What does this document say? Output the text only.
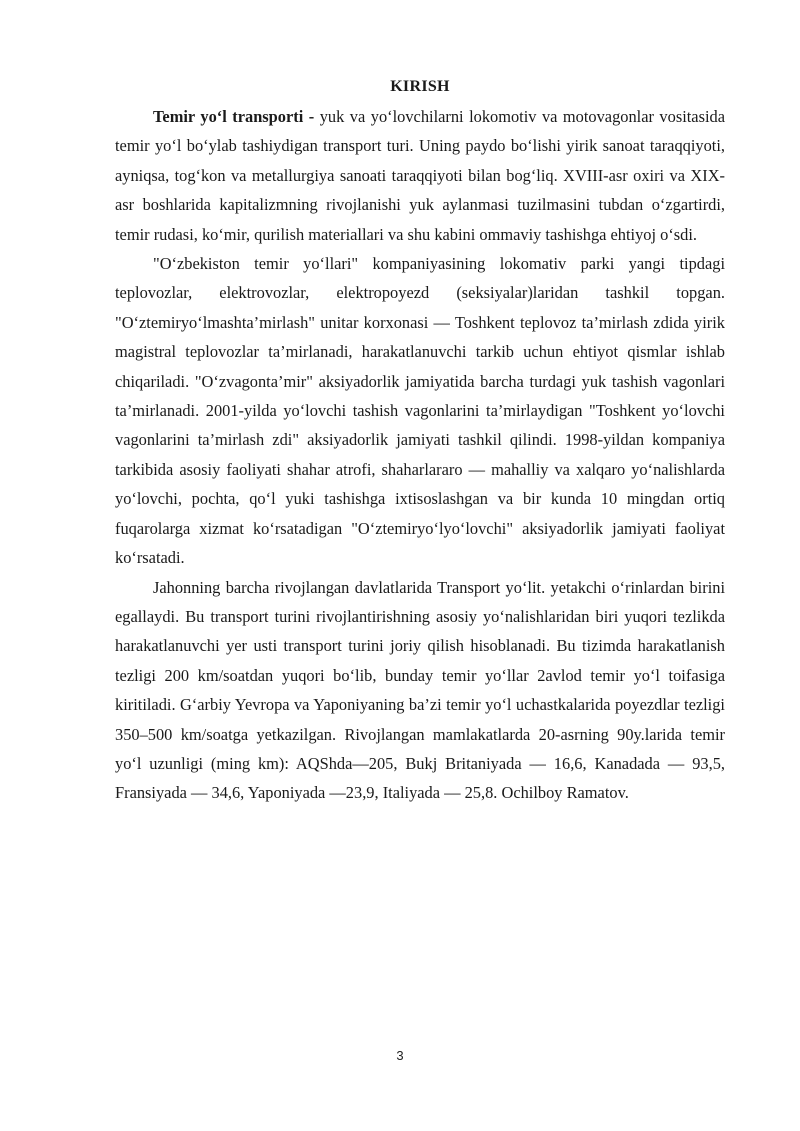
KIRISH

Temir yo‘l transporti - yuk va yo‘lovchilarni lokomotiv va motovagonlar vositasida temir yo‘l bo‘ylab tashiydigan transport turi. Uning paydo bo‘lishi yirik sanoat taraqqiyoti, ayniqsa, tog‘kon va metallurgiya sanoati taraqqiyoti bilan bog‘liq. XVIII-asr oxiri va XIX-asr boshlarida kapitalizmning rivojlanishi yuk aylanmasi tuzilmasini tubdan o‘zgartirdi, temir rudasi, ko‘mir, qurilish materiallari va shu kabini ommaviy tashishga ehtiyoj o‘sdi.

"O‘zbekiston temir yo‘llari" kompaniyasining lokomativ parki yangi tipdagi teplovozlar, elektrovozlar, elektropoyezd (seksiyalar)laridan tashkil topgan. "O‘ztemiryo‘lmashta’mirlash" unitar korxonasi — Toshkent teplovoz ta’mirlash zdida yirik magistral teplovozlar ta’mirlanadi, harakatlanuvchi tarkib uchun ehtiyot qismlar ishlab chiqariladi. "O‘zvagonta’mir" aksiyadorlik jamiyatida barcha turdagi yuk tashish vagonlari ta’mirlanadi. 2001-yilda yo‘lovchi tashish vagonlarini ta’mirlaydigan "Toshkent yo‘lovchi vagonlarini ta’mirlash zdi" aksiyadorlik jamiyati tashkil qilindi. 1998-yildan kompaniya tarkibida asosiy faoliyati shahar atrofi, shaharlararo — mahalliy va xalqaro yo‘nalishlarda yo‘lovchi, pochta, qo‘l yuki tashishga ixtisoslashgan va bir kunda 10 mingdan ortiq fuqarolarga xizmat ko‘rsatadigan "O‘ztemiryo‘lyo‘lovchi" aksiyadorlik jamiyati faoliyat ko‘rsatadi.

Jahonning barcha rivojlangan davlatlarida Transport yo‘lit. yetakchi o‘rinlardan birini egallaydi. Bu transport turini rivojlantirishning asosiy yo‘nalishlaridan biri yuqori tezlikda harakatlanuvchi yer usti transport turini joriy qilish hisoblanadi. Bu tizimda harakatlanish tezligi 200 km/soatdan yuqori bo‘lib, bunday temir yo‘llar 2avlod temir yo‘l toifasiga kiritiladi. G‘arbiy Yevropa va Yaponiyaning ba’zi temir yo‘l uchastkalarida poyezdlar tezligi 350–500 km/soatga yetkazilgan. Rivojlangan mamlakatlarda 20-asrning 90y.larida temir yo‘l uzunligi (ming km): AQShda—205, Bukj Britaniyada — 16,6, Kanadada — 93,5, Fransiyada — 34,6, Yaponiyada —23,9, Italiyada — 25,8. Ochilboy Ramatov.

3
